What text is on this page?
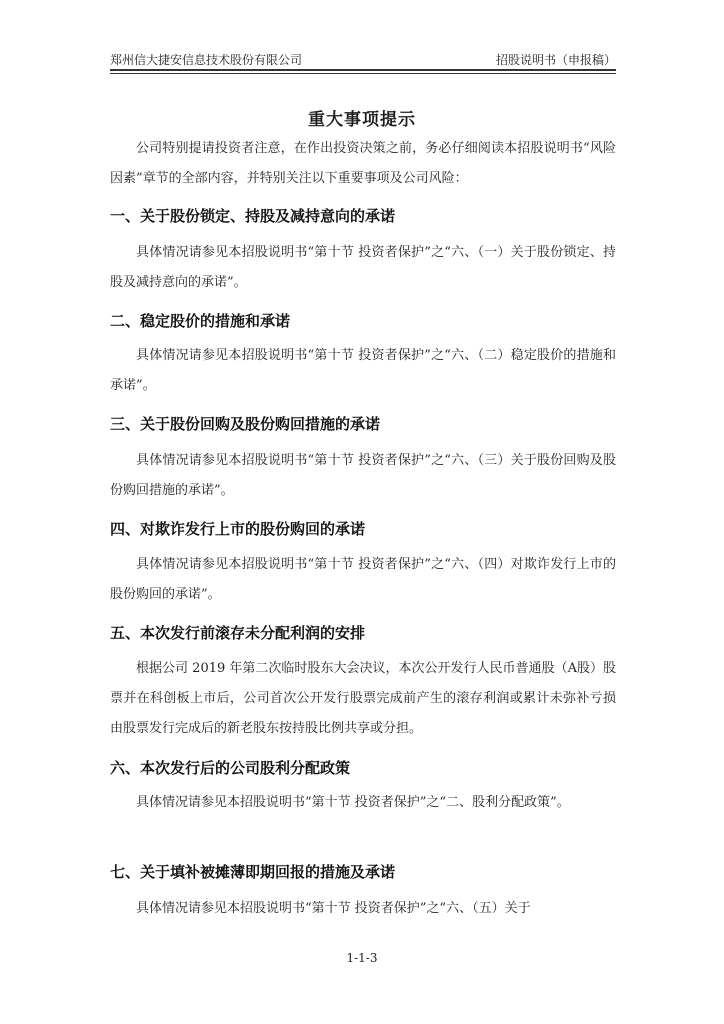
郑州信大捷安信息技术股份有限公司	招股说明书（申报稿）
重大事项提示

公司特别提请投资者注意，在作出投资决策之前，务必仔细阅读本招股说明书“风险因素”章节的全部内容，并特别关注以下重要事项及公司风险：

一、关于股份锁定、持股及减持意向的承诺

具体情况请参见本招股说明书“第十节 投资者保护”之“六、（一）关于股份锁定、持股及减持意向的承诺”。

二、稳定股价的措施和承诺

具体情况请参见本招股说明书“第十节 投资者保护”之“六、（二）稳定股价的措施和承诺”。

三、关于股份回购及股份购回措施的承诺

具体情况请参见本招股说明书“第十节 投资者保护”之“六、（三）关于股份回购及股份购回措施的承诺”。

四、对欺诈发行上市的股份购回的承诺

具体情况请参见本招股说明书“第十节 投资者保护”之“六、（四）对欺诈发行上市的股份购回的承诺”。

五、本次发行前滚存未分配利润的安排

根据公司 2019 年第二次临时股东大会决议，本次公开发行人民币普通股（A股）股票并在科创板上市后，公司首次公开发行股票完成前产生的滚存利润或累计未弥补亏损由股票发行完成后的新老股东按持股比例共享或分担。

六、本次发行后的公司股利分配政策

具体情况请参见本招股说明书“第十节 投资者保护”之“二、股利分配政策”。

七、关于填补被摊薄即期回报的措施及承诺

具体情况请参见本招股说明书“第十节 投资者保护”之“六、（五）关于

1-1-3
